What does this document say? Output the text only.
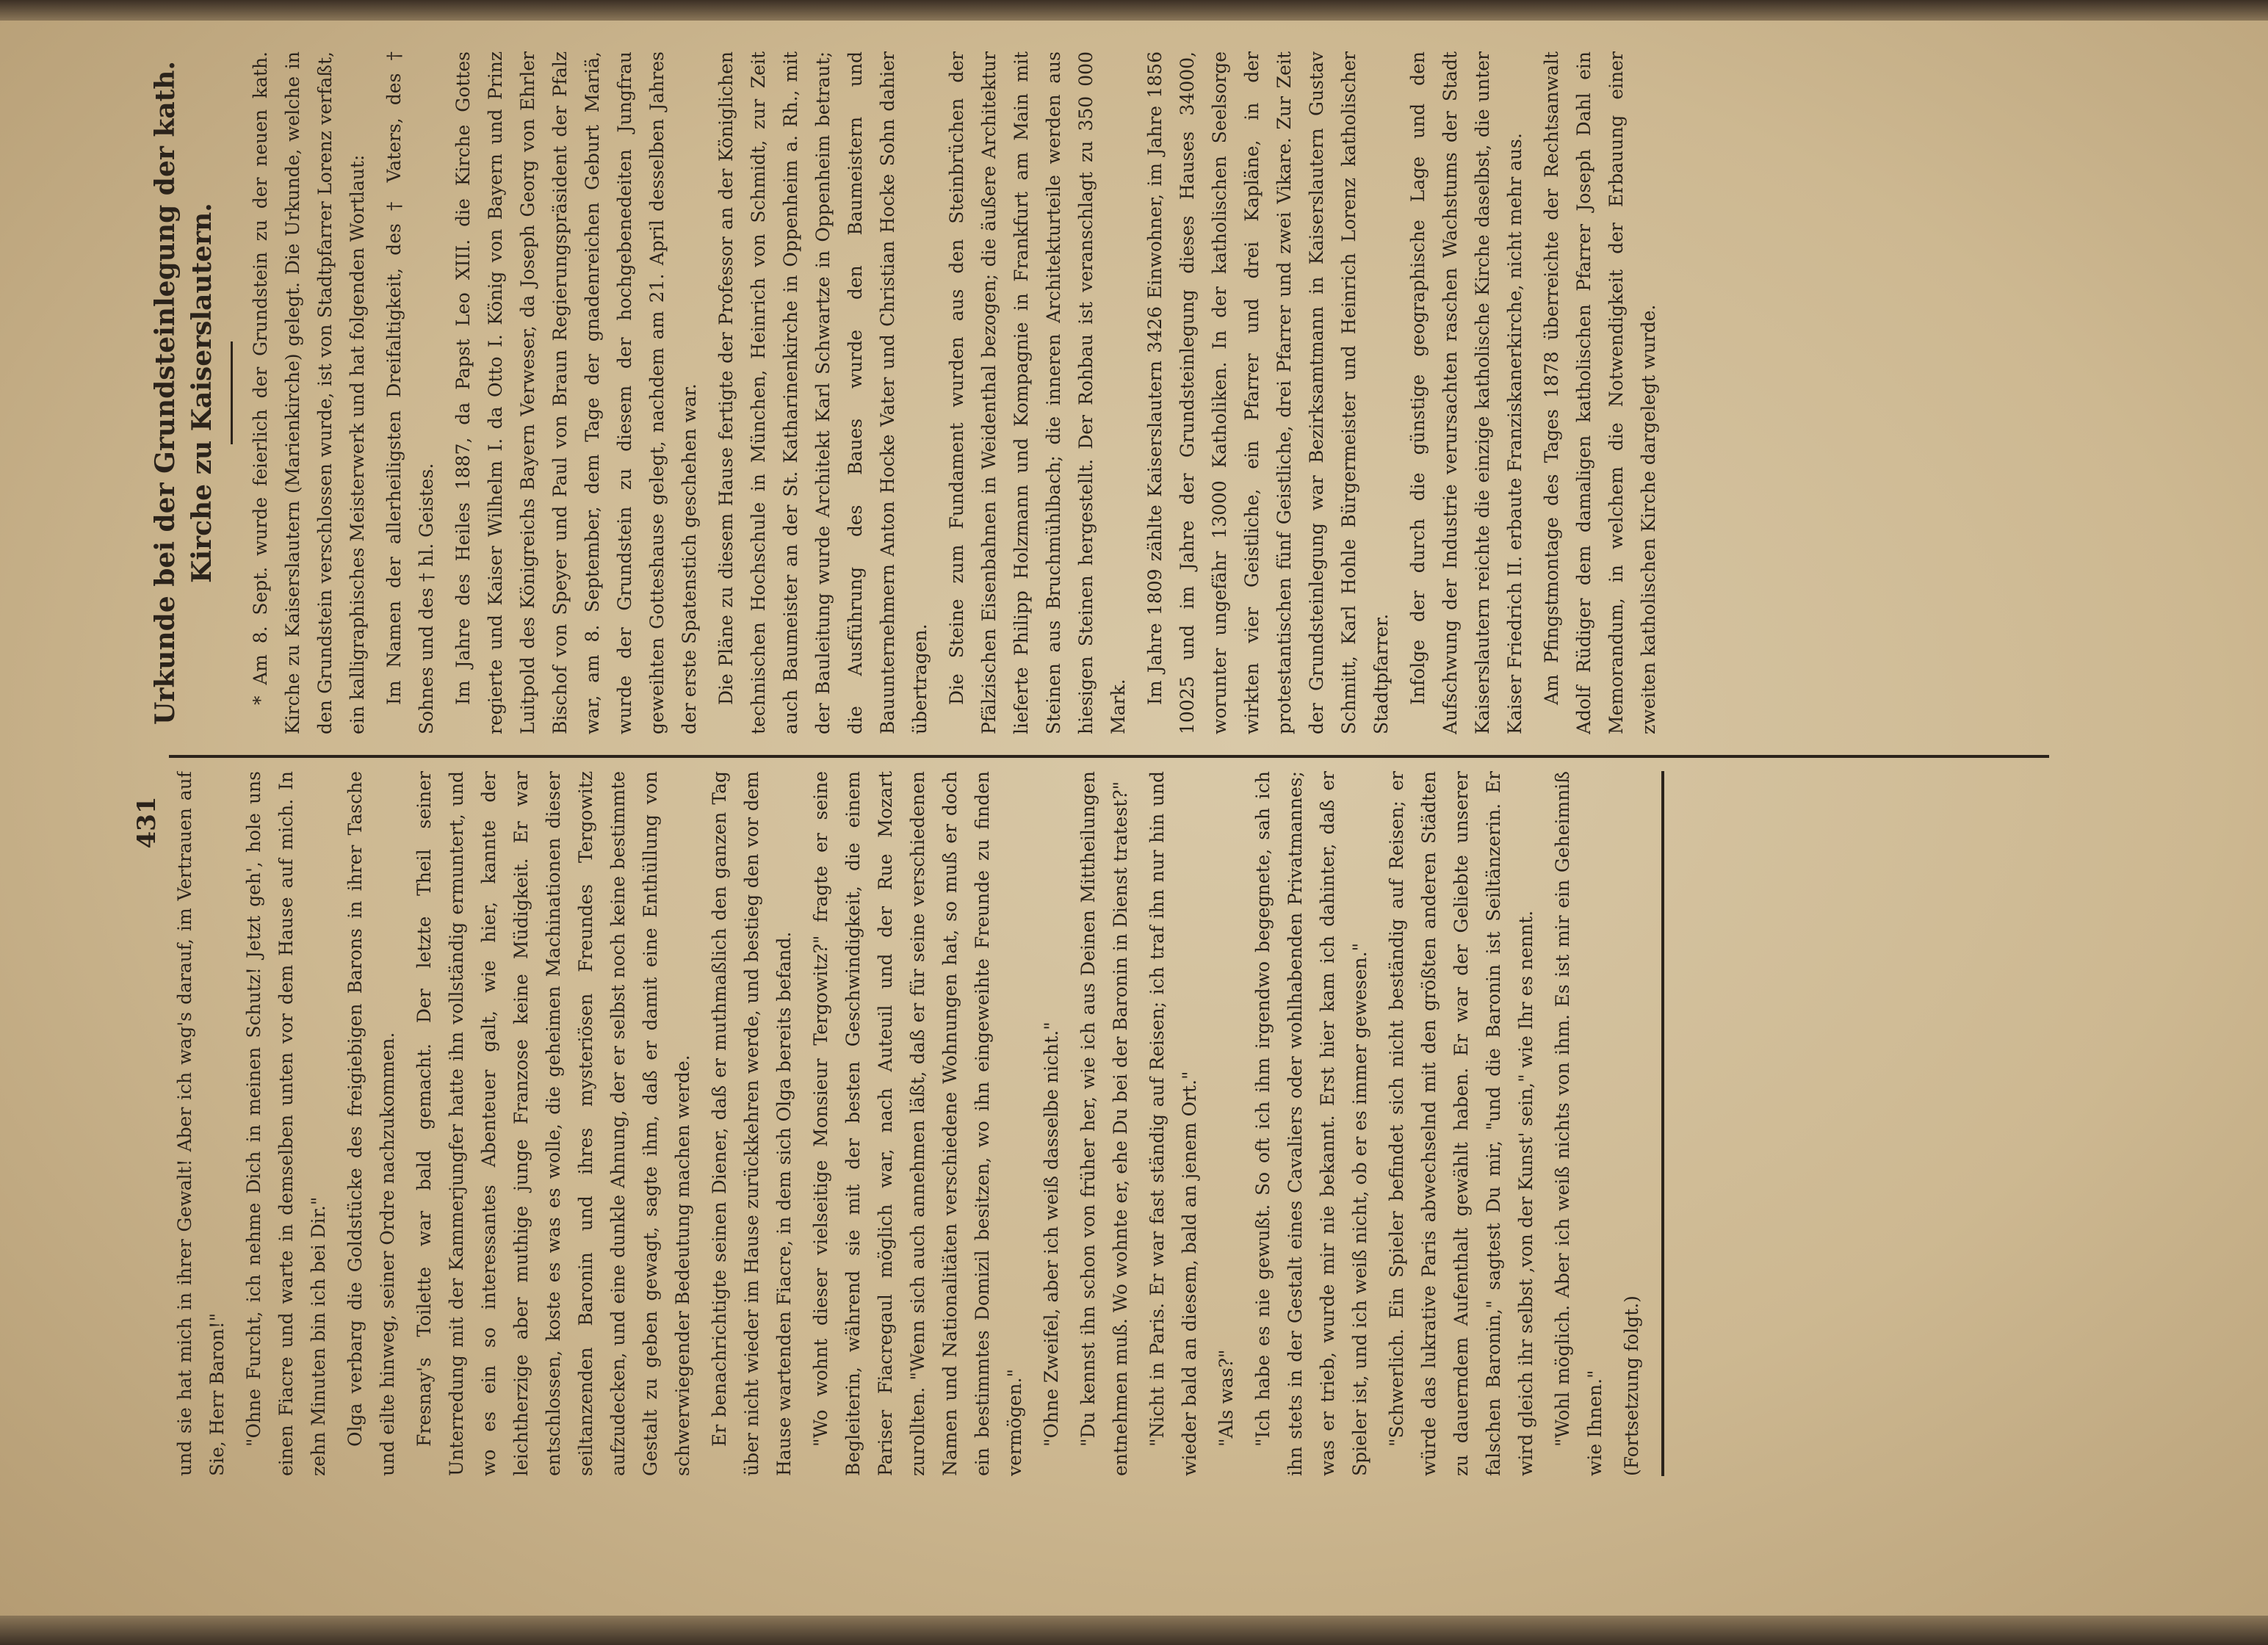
431 und sie hat mich in ihrer Gewalt! Aber ich wag's darauf, im Vertrauen auf Sie, Herr Baron!" "Ohne Furcht, ich nehme Dich in meinen Schutz! Jetzt geh', hole uns einen Fiacre und warte in demselben unten vor dem Hause auf mich. In zehn Minuten bin ich bei Dir." Olga verbarg die Goldstücke des freigiebigen Barons in ihrer Tasche und eilte hinweg, seiner Ordre nachzukommen. Fresnay's Toilette war bald gemacht. Der letzte Theil seiner Unterredung mit der Kammerjungfer hatte ihn vollständig ermuntert, und wo es ein so interessantes Abenteuer galt, wie hier, kannte der leichtherzige aber muthige junge Franzose keine Müdigkeit. Er war entschlossen, koste es was es wolle, die geheimen Machinationen dieser seiltanzenden Baronin und ihres mysteriösen Freundes Tergowitz aufzudecken, und eine dunkle Ahnung, der er selbst noch keine bestimmte Gestalt zu geben gewagt, sagte ihm, daß er damit eine Enthüllung von schwerwiegender Bedeutung machen werde. Er benachrichtigte seinen Diener, daß er muthmaßlich den ganzen Tag über nicht wieder im Hause zurückkehren werde, und bestieg den vor dem Hause wartenden Fiacre, in dem sich Olga bereits befand. "Wo wohnt dieser vielseitige Monsieur Tergowitz?" fragte er seine Begleiterin, während sie mit der besten Geschwindigkeit, die einem Pariser Fiacregaul möglich war, nach Auteuil und der Rue Mozart zurollten. "Wenn sich auch annehmen läßt, daß er für seine verschiedenen Namen und Nationalitäten verschiedene Wohnungen hat, so muß er doch ein bestimmtes Domizil besitzen, wo ihn eingeweihte Freunde zu finden vermögen." "Ohne Zweifel, aber ich weiß dasselbe nicht." "Du kennst ihn schon von früher her, wie ich aus Deinen Mittheilungen entnehmen muß. Wo wohnte er, ehe Du bei der Baronin in Dienst tratest?" "Nicht in Paris. Er war fast ständig auf Reisen; ich traf ihn nur hin und wieder bald an diesem, bald an jenem Ort." "Als was?" "Ich habe es nie gewußt. So oft ich ihm irgendwo begegnete, sah ich ihn stets in der Gestalt eines Cavaliers oder wohlhabenden Privatmannes; was er trieb, wurde mir nie bekannt. Erst hier kam ich dahinter, daß er Spieler ist, und ich weiß nicht, ob er es immer gewesen." "Schwerlich. Ein Spieler befindet sich nicht beständig auf Reisen; er würde das lukrative Paris abwechselnd mit den größten anderen Städten zu dauerndem Aufenthalt gewählt haben. Er war der Geliebte unserer falschen Baronin," sagtest Du mir, "und die Baronin ist Seiltänzerin. Er wird gleich ihr selbst ,von der Kunst' sein," wie Ihr es nennt. "Wohl möglich. Aber ich weiß nichts von ihm. Es ist mir ein Geheimniß wie Ihnen." (Fortsetzung folgt.)

Urkunde bei der Grundsteinlegung der kath. Kirche zu Kaiserslautern. * Am 8. Sept. wurde feierlich der Grundstein zu der neuen kath. Kirche zu Kaiserslautern (Marienkirche) gelegt. Die Urkunde, welche in den Grundstein verschlossen wurde, ist von Stadtpfarrer Lorenz verfaßt, ein kalligraphisches Meisterwerk und hat folgenden Wortlaut: Im Namen der allerheiligsten Dreifaltigkeit, des † Vaters, des † Sohnes und des † hl. Geistes. Im Jahre des Heiles 1887, da Papst Leo XIII. die Kirche Gottes regierte und Kaiser Wilhelm I. da Otto I. König von Bayern und Prinz Luitpold des Königreichs Bayern Verweser, da Joseph Georg von Ehrler Bischof von Speyer und Paul von Braun Regierungspräsident der Pfalz war, am 8. September, dem Tage der gnadenreichen Geburt Mariä, wurde der Grundstein zu diesem der hochgebenedeiten Jungfrau geweihten Gotteshause gelegt, nachdem am 21. April desselben Jahres der erste Spatenstich geschehen war. Die Pläne zu diesem Hause fertigte der Professor an der Königlichen technischen Hochschule in München, Heinrich von Schmidt, zur Zeit auch Baumeister an der St. Katharinenkirche in Oppenheim a. Rh., mit der Bauleitung wurde Architekt Karl Schwartze in Oppenheim betraut; die Ausführung des Baues wurde den Baumeistern und Bauunternehmern Anton Hocke Vater und Christian Hocke Sohn dahier übertragen. Die Steine zum Fundament wurden aus den Steinbrüchen der Pfälzischen Eisenbahnen in Weidenthal bezogen; die äußere Architektur lieferte Philipp Holzmann und Kompagnie in Frankfurt am Main mit Steinen aus Bruchmühlbach; die inneren Architekturteile werden aus hiesigen Steinen hergestellt. Der Rohbau ist veranschlagt zu 350 000 Mark.

Im Jahre 1809 zählte Kaiserslautern 3426 Einwohner, im Jahre 1856 10025 und im Jahre der Grundsteinlegung dieses Hauses 34000, worunter ungefähr 13000 Katholiken. In der katholischen Seelsorge wirkten vier Geistliche, ein Pfarrer und drei Kapläne, in der protestantischen fünf Geistliche, drei Pfarrer und zwei Vikare. Zur Zeit der Grundsteinlegung war Bezirksamtmann in Kaiserslautern Gustav Schmitt, Karl Hohle Bürgermeister und Heinrich Lorenz katholischer Stadtpfarrer. Infolge der durch die günstige geographische Lage und den Aufschwung der Industrie verursachten raschen Wachstums der Stadt Kaiserslautern reichte die einzige katholische Kirche daselbst, die unter Kaiser Friedrich II. erbaute Franziskanerkirche, nicht mehr aus. Am Pfingstmontage des Tages 1878 überreichte der Rechtsanwalt Adolf Rüdiger dem damaligen katholischen Pfarrer Joseph Dahl ein Memorandum, in welchem die Notwendigkeit der Erbauung einer zweiten katholischen Kirche dargelegt wurde.
